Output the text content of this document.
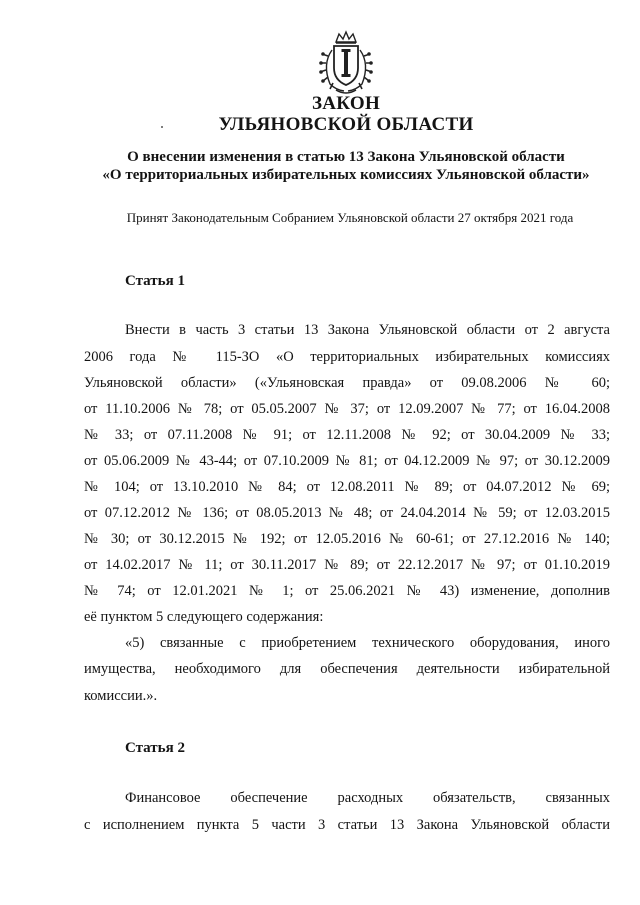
ЗАКОН
УЛЬЯНОВСКОЙ ОБЛАСТИ
О внесении изменения в статью 13 Закона Ульяновской области
«О территориальных избирательных комиссиях Ульяновской области»
Принят Законодательным Собранием Ульяновской области 27 октября 2021 года
Статья 1
Внести в часть 3 статьи 13 Закона Ульяновской области от 2 августа
2006 года № 115-ЗО «О территориальных избирательных комиссиях
Ульяновской области» («Ульяновская правда» от 09.08.2006 № 60;
от 11.10.2006 № 78; от 05.05.2007 № 37; от 12.09.2007 № 77; от 16.04.2008
№ 33; от 07.11.2008 № 91; от 12.11.2008 № 92; от 30.04.2009 № 33;
от 05.06.2009 № 43-44; от 07.10.2009 № 81; от 04.12.2009 № 97; от 30.12.2009
№ 104; от 13.10.2010 № 84; от 12.08.2011 № 89; от 04.07.2012 № 69;
от 07.12.2012 № 136; от 08.05.2013 № 48; от 24.04.2014 № 59; от 12.03.2015
№ 30; от 30.12.2015 № 192; от 12.05.2016 № 60-61; от 27.12.2016 № 140;
от 14.02.2017 № 11; от 30.11.2017 № 89; от 22.12.2017 № 97; от 01.10.2019
№ 74; от 12.01.2021 № 1; от 25.06.2021 № 43) изменение, дополнив
её пунктом 5 следующего содержания:
«5) связанные с приобретением технического оборудования, иного
имущества, необходимого для обеспечения деятельности избирательной
комиссии.».
Статья 2
Финансовое обеспечение расходных обязательств, связанных
с исполнением пункта 5 части 3 статьи 13 Закона Ульяновской области
